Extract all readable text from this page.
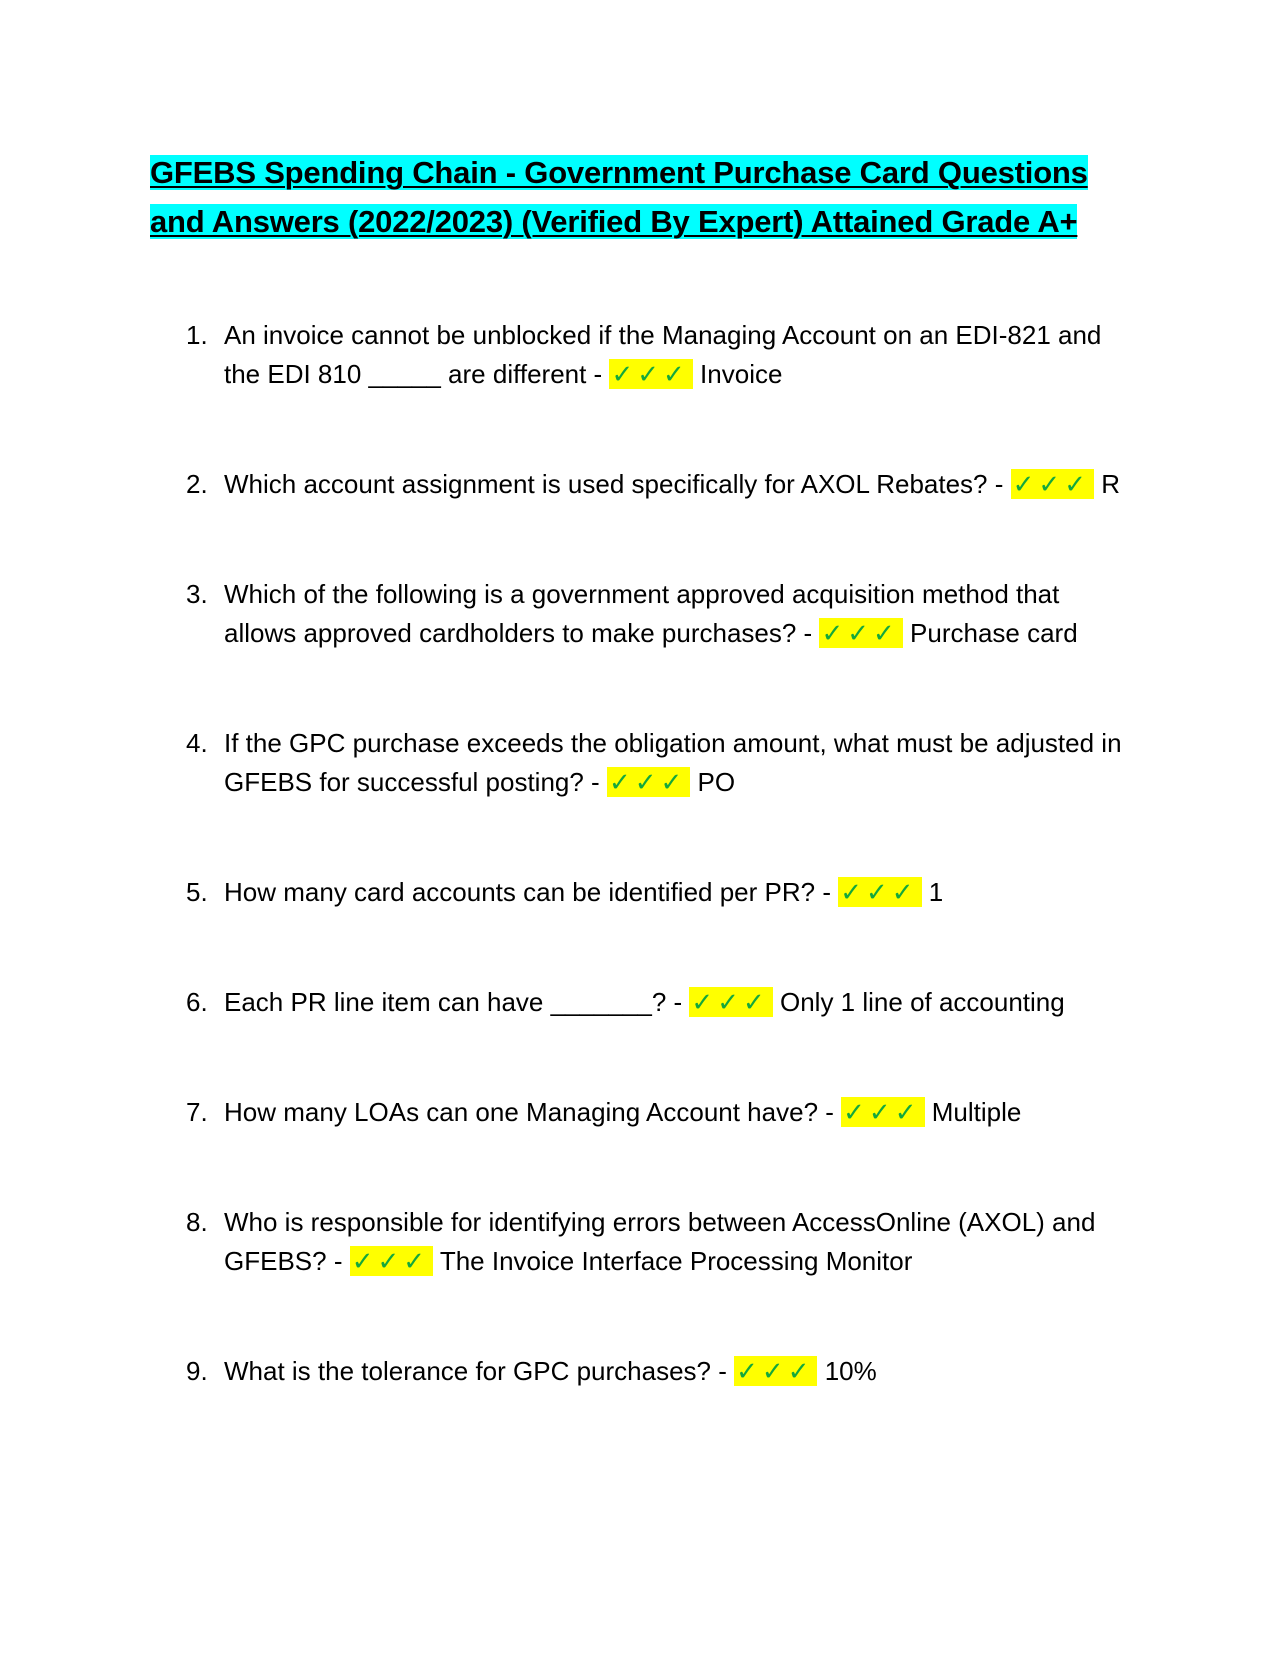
GFEBS Spending Chain - Government Purchase Card Questions and Answers (2022/2023) (Verified By Expert) Attained Grade A+
1. An invoice cannot be unblocked if the Managing Account on an EDI-821 and the EDI 810 _____ are different - ✓✓✓ Invoice
2. Which account assignment is used specifically for AXOL Rebates? - ✓✓✓ R
3. Which of the following is a government approved acquisition method that allows approved cardholders to make purchases? - ✓✓✓ Purchase card
4. If the GPC purchase exceeds the obligation amount, what must be adjusted in GFEBS for successful posting? - ✓✓✓ PO
5. How many card accounts can be identified per PR? - ✓✓✓ 1
6. Each PR line item can have _______? - ✓✓✓ Only 1 line of accounting
7. How many LOAs can one Managing Account have? - ✓✓✓ Multiple
8. Who is responsible for identifying errors between AccessOnline (AXOL) and GFEBS? - ✓✓✓ The Invoice Interface Processing Monitor
9. What is the tolerance for GPC purchases? - ✓✓✓ 10%
